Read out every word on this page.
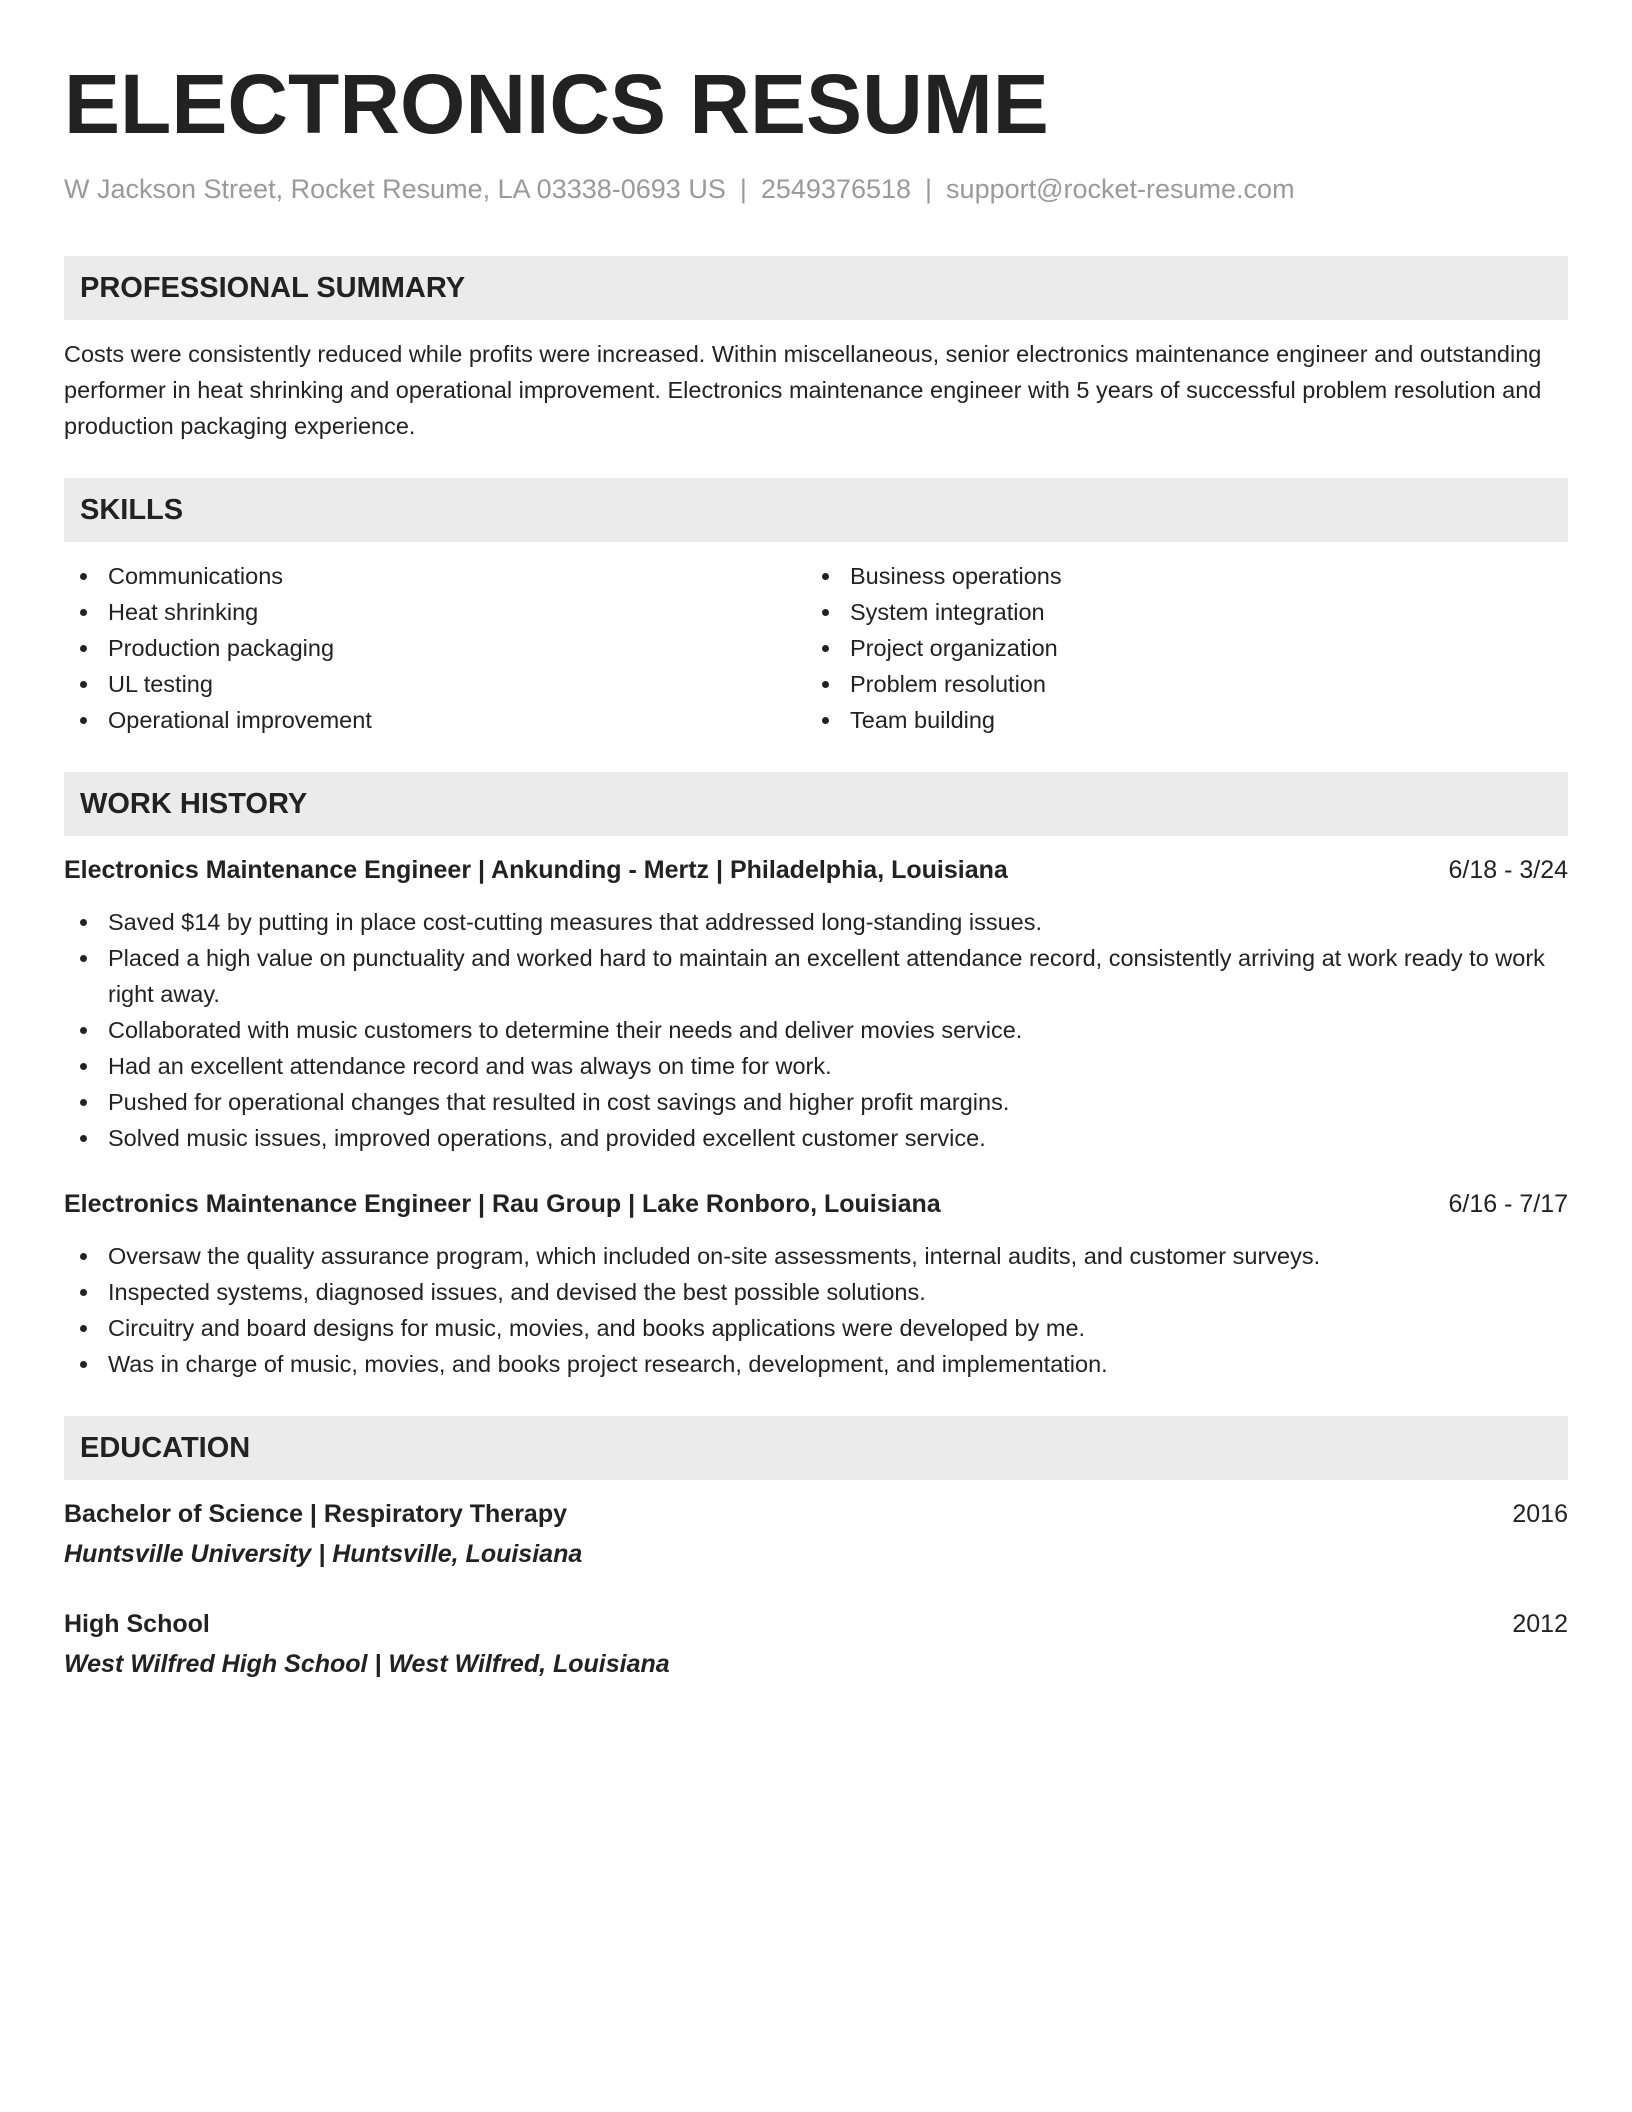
ELECTRONICS RESUME
W Jackson Street, Rocket Resume, LA 03338-0693 US | 2549376518 | support@rocket-resume.com
PROFESSIONAL SUMMARY

Costs were consistently reduced while profits were increased. Within miscellaneous, senior electronics maintenance engineer and outstanding performer in heat shrinking and operational improvement. Electronics maintenance engineer with 5 years of successful problem resolution and production packaging experience.

SKILLS
Communications
Heat shrinking
Production packaging
UL testing
Operational improvement
Business operations
System integration
Project organization
Problem resolution
Team building
WORK HISTORY
Electronics Maintenance Engineer | Ankunding - Mertz | Philadelphia, Louisiana	6/18 - 3/24
Saved $14 by putting in place cost-cutting measures that addressed long-standing issues.
Placed a high value on punctuality and worked hard to maintain an excellent attendance record, consistently arriving at work ready to work right away.
Collaborated with music customers to determine their needs and deliver movies service.
Had an excellent attendance record and was always on time for work.
Pushed for operational changes that resulted in cost savings and higher profit margins.
Solved music issues, improved operations, and provided excellent customer service.
Electronics Maintenance Engineer | Rau Group | Lake Ronboro, Louisiana	6/16 - 7/17
Oversaw the quality assurance program, which included on-site assessments, internal audits, and customer surveys.
Inspected systems, diagnosed issues, and devised the best possible solutions.
Circuitry and board designs for music, movies, and books applications were developed by me.
Was in charge of music, movies, and books project research, development, and implementation.
EDUCATION
Bachelor of Science | Respiratory Therapy	2016
Huntsville University | Huntsville, Louisiana
High School	2012
West Wilfred High School | West Wilfred, Louisiana
